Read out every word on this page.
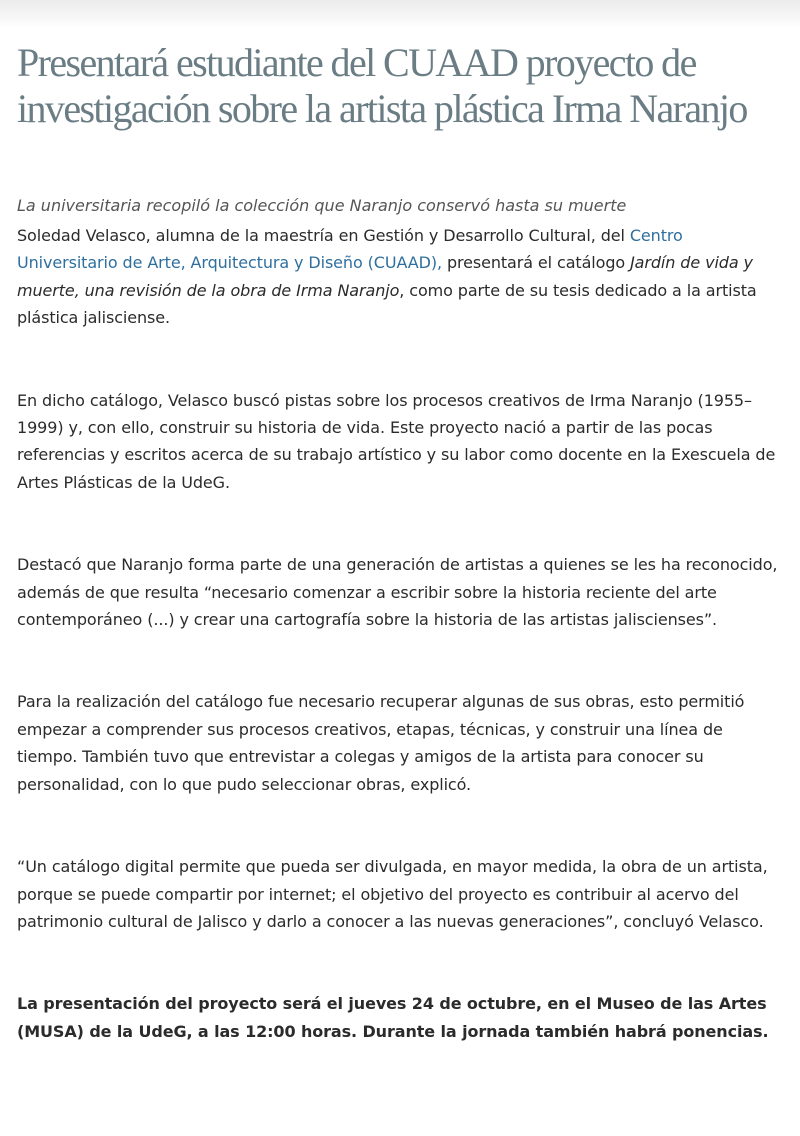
Presentará estudiante del CUAAD proyecto de investigación sobre la artista plástica Irma Naranjo

La universitaria recopiló la colección que Naranjo conservó hasta su muerte

Soledad Velasco, alumna de la maestría en Gestión y Desarrollo Cultural, del Centro Universitario de Arte, Arquitectura y Diseño (CUAAD), presentará el catálogo Jardín de vida y muerte, una revisión de la obra de Irma Naranjo, como parte de su tesis dedicado a la artista plástica jalisciense.

En dicho catálogo, Velasco buscó pistas sobre los procesos creativos de Irma Naranjo (1955–1999) y, con ello, construir su historia de vida. Este proyecto nació a partir de las pocas referencias y escritos acerca de su trabajo artístico y su labor como docente en la Exescuela de Artes Plásticas de la UdeG.

Destacó que Naranjo forma parte de una generación de artistas a quienes se les ha reconocido, además de que resulta “necesario comenzar a escribir sobre la historia reciente del arte contemporáneo (...) y crear una cartografía sobre la historia de las artistas jaliscienses”.

Para la realización del catálogo fue necesario recuperar algunas de sus obras, esto permitió empezar a comprender sus procesos creativos, etapas, técnicas, y construir una línea de tiempo. También tuvo que entrevistar a colegas y amigos de la artista para conocer su personalidad, con lo que pudo seleccionar obras, explicó.

“Un catálogo digital permite que pueda ser divulgada, en mayor medida, la obra de un artista, porque se puede compartir por internet; el objetivo del proyecto es contribuir al acervo del patrimonio cultural de Jalisco y darlo a conocer a las nuevas generaciones”, concluyó Velasco.

La presentación del proyecto será el jueves 24 de octubre, en el Museo de las Artes (MUSA) de la UdeG, a las 12:00 horas. Durante la jornada también habrá ponencias.
